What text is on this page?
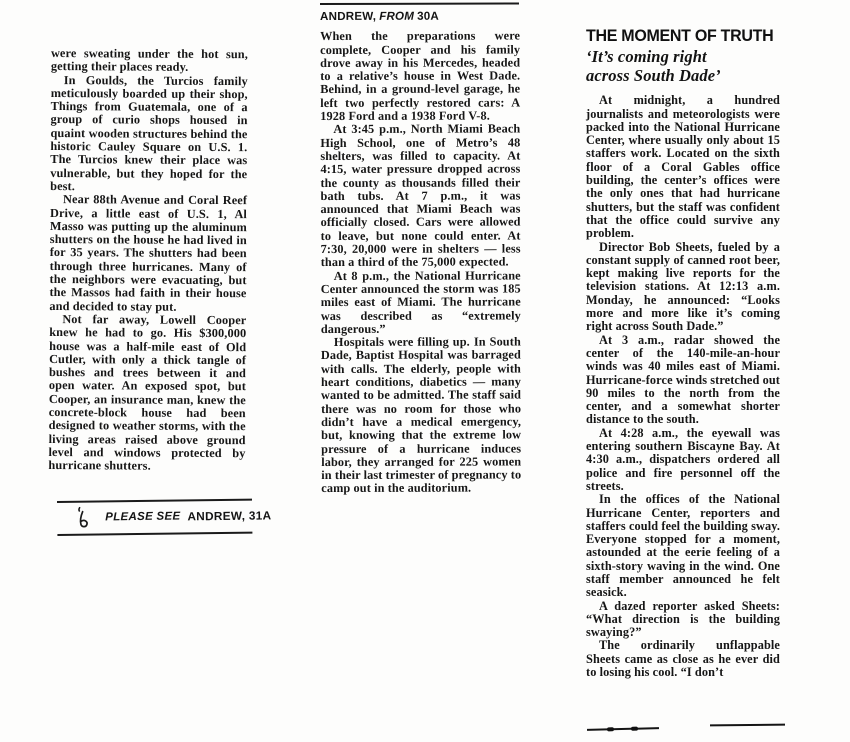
were sweating under the hot sun, getting their places ready.

In Goulds, the Turcios family meticulously boarded up their shop, Things from Guatemala, one of a group of curio shops housed in quaint wooden structures behind the historic Cauley Square on U.S. 1. The Turcios knew their place was vulnerable, but they hoped for the best.

Near 88th Avenue and Coral Reef Drive, a little east of U.S. 1, Al Masso was putting up the aluminum shutters on the house he had lived in for 35 years. The shutters had been through three hurricanes. Many of the neighbors were evacuating, but the Massos had faith in their house and decided to stay put.

Not far away, Lowell Cooper knew he had to go. His $300,000 house was a half-mile east of Old Cutler, with only a thick tangle of bushes and trees between it and open water. An exposed spot, but Cooper, an insurance man, knew the concrete-block house had been designed to weather storms, with the living areas raised above ground level and windows protected by hurricane shutters.

PLEASE SEE ANDREW, 31A
ANDREW, FROM 30A

When the preparations were complete, Cooper and his family drove away in his Mercedes, headed to a relative’s house in West Dade. Behind, in a ground-level garage, he left two perfectly restored cars: A 1928 Ford and a 1938 Ford V-8.

At 3:45 p.m., North Miami Beach High School, one of Metro’s 48 shelters, was filled to capacity. At 4:15, water pressure dropped across the county as thousands filled their bath tubs. At 7 p.m., it was announced that Miami Beach was officially closed. Cars were allowed to leave, but none could enter. At 7:30, 20,000 were in shelters — less than a third of the 75,000 expected.

At 8 p.m., the National Hurricane Center announced the storm was 185 miles east of Miami. The hurricane was described as “extremely dangerous.”

Hospitals were filling up. In South Dade, Baptist Hospital was barraged with calls. The elderly, people with heart conditions, diabetics — many wanted to be admitted. The staff said there was no room for those who didn’t have a medical emergency, but, knowing that the extreme low pressure of a hurricane induces labor, they arranged for 225 women in their last trimester of pregnancy to camp out in the auditorium.

THE MOMENT OF TRUTH
‘It’s coming right
across South Dade’

At midnight, a hundred journalists and meteorologists were packed into the National Hurricane Center, where usually only about 15 staffers work. Located on the sixth floor of a Coral Gables office building, the center’s offices were the only ones that had hurricane shutters, but the staff was confident that the office could survive any problem.

Director Bob Sheets, fueled by a constant supply of canned root beer, kept making live reports for the television stations. At 12:13 a.m. Monday, he announced: “Looks more and more like it’s coming right across South Dade.”

At 3 a.m., radar showed the center of the 140-mile-an-hour winds was 40 miles east of Miami. Hurricane-force winds stretched out 90 miles to the north from the center, and a somewhat shorter distance to the south.

At 4:28 a.m., the eyewall was entering southern Biscayne Bay. At 4:30 a.m., dispatchers ordered all police and fire personnel off the streets.

In the offices of the National Hurricane Center, reporters and staffers could feel the building sway. Everyone stopped for a moment, astounded at the eerie feeling of a sixth-story waving in the wind. One staff member announced he felt seasick.

A dazed reporter asked Sheets: “What direction is the building swaying?”

The ordinarily unflappable Sheets came as close as he ever did to losing his cool. “I don’t
